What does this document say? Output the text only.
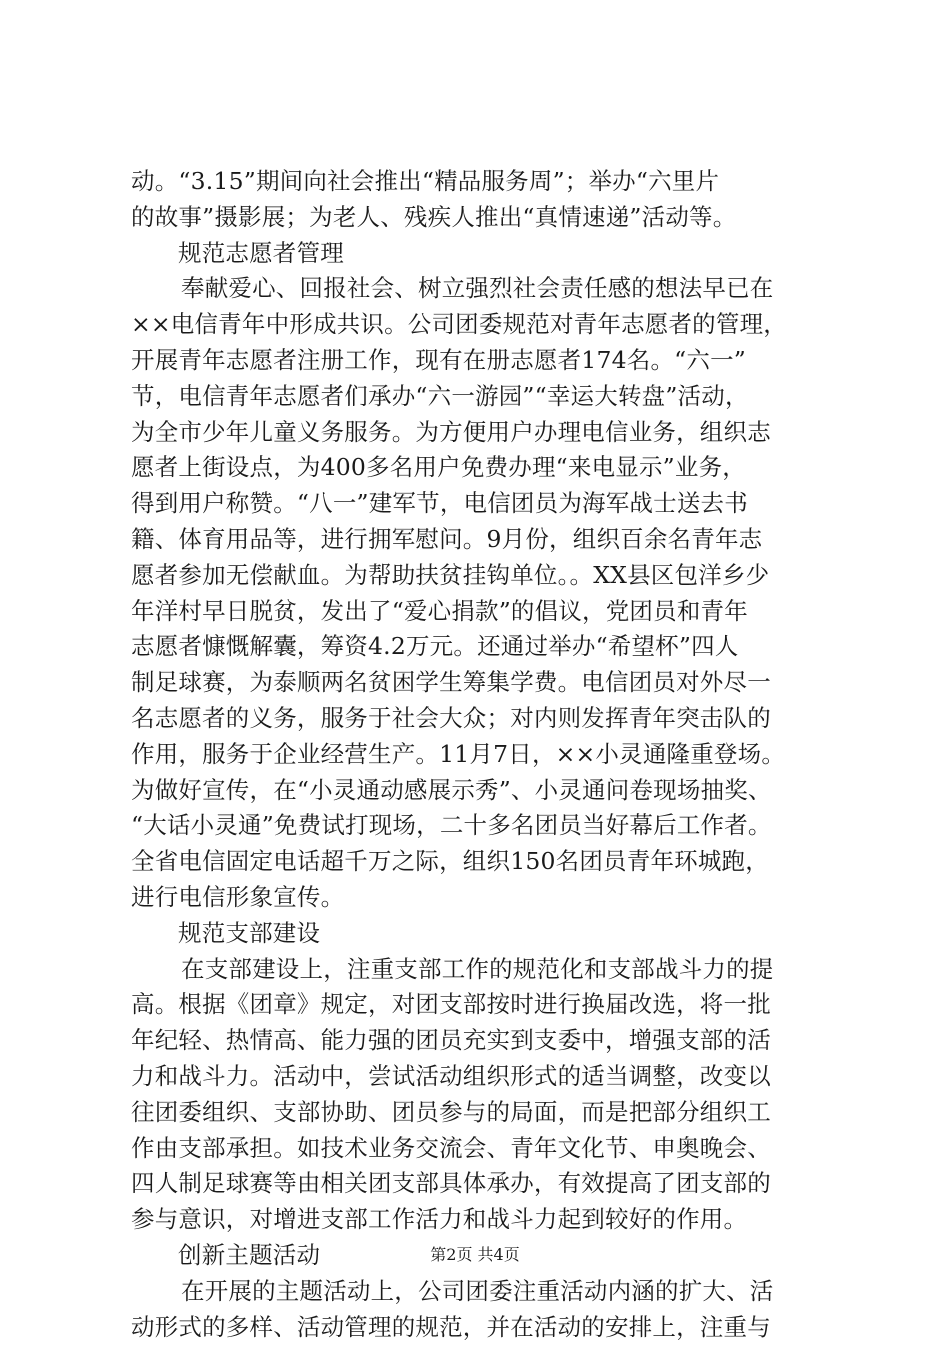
动。“3.15”期间向社会推出“精品服务周”；举办“六里片
的故事”摄影展；为老人、残疾人推出“真情速递”活动等。
规范志愿者管理
奉献爱心、回报社会、树立强烈社会责任感的想法早已在
××电信青年中形成共识。公司团委规范对青年志愿者的管理，
开展青年志愿者注册工作，现有在册志愿者174名。“六一”
节，电信青年志愿者们承办“六一游园”“幸运大转盘”活动，
为全市少年儿童义务服务。为方便用户办理电信业务，组织志
愿者上街设点，为400多名用户免费办理“来电显示”业务，
得到用户称赞。“八一”建军节，电信团员为海军战士送去书
籍、体育用品等，进行拥军慰问。9月份，组织百余名青年志
愿者参加无偿献血。为帮助扶贫挂钩单位。。XX县区包洋乡少
年洋村早日脱贫，发出了“爱心捐款”的倡议，党团员和青年
志愿者慷慨解囊，筹资4.2万元。还通过举办“希望杯”四人
制足球赛，为泰顺两名贫困学生筹集学费。电信团员对外尽一
名志愿者的义务，服务于社会大众；对内则发挥青年突击队的
作用，服务于企业经营生产。11月7日，××小灵通隆重登场。
为做好宣传，在“小灵通动感展示秀”、小灵通问卷现场抽奖、
“大话小灵通”免费试打现场，二十多名团员当好幕后工作者。
全省电信固定电话超千万之际，组织150名团员青年环城跑，
进行电信形象宣传。
规范支部建设
在支部建设上，注重支部工作的规范化和支部战斗力的提
高。根据《团章》规定，对团支部按时进行换届改选，将一批
年纪轻、热情高、能力强的团员充实到支委中，增强支部的活
力和战斗力。活动中，尝试活动组织形式的适当调整，改变以
往团委组织、支部协助、团员参与的局面，而是把部分组织工
作由支部承担。如技术业务交流会、青年文化节、申奥晚会、
四人制足球赛等由相关团支部具体承办，有效提高了团支部的
参与意识，对增进支部工作活力和战斗力起到较好的作用。
创新主题活动
在开展的主题活动上，公司团委注重活动内涵的扩大、活
动形式的多样、活动管理的规范，并在活动的安排上，注重与
第2页 共4页
